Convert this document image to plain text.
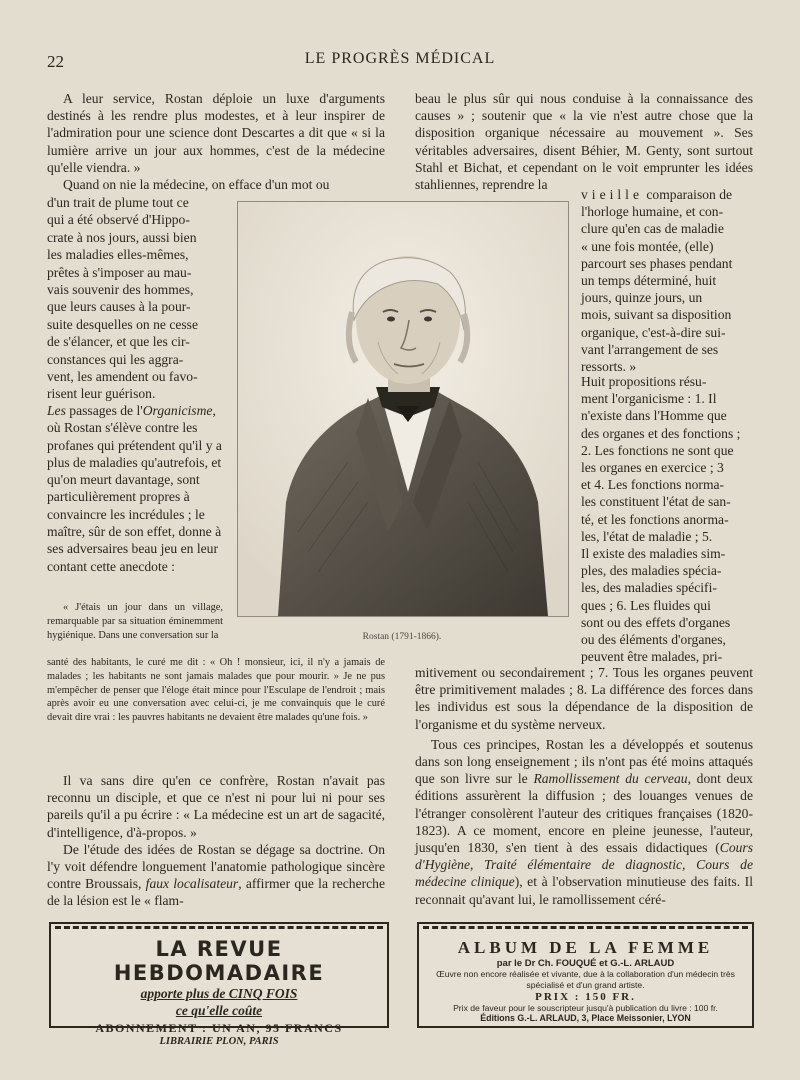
22	LE PROGRÈS MÉDICAL

A leur service, Rostan déploie un luxe d'arguments destinés à les rendre plus modestes, et à leur inspirer de l'admiration pour une science dont Descartes a dit que « si la lumière arrive un jour aux hommes, c'est de la médecine qu'elle viendra. »

Quand on nie la médecine, on efface d'un mot ou

d'un trait de plume tout ce
qui a été observé d'Hippo-
crate à nos jours, aussi bien
les maladies elles-mêmes,
prêtes à s'imposer au mau-
vais souvenir des hommes,
que leurs causes à la pour-
suite desquelles on ne cesse
de s'élancer, et que les cir-
constances qui les aggra-
vent, les amendent ou favo-
risent leur guérison.

Les passages de l'Organicisme, où Rostan s'élève contre les profanes qui prétendent qu'il y a plus de maladies qu'autrefois, et qu'on meurt davantage, sont particulièrement propres à convaincre les incrédules ; le maître, sûr de son effet, donne à ses adversaires beau jeu en leur contant cette anecdote :

« J'étais un jour dans un village, remarquable par sa situation éminemment hygiénique. Dans une conversation sur la

santé des habitants, le curé me dit : « Oh ! monsieur, ici, il n'y a jamais de malades ; les habitants ne sont jamais malades que pour mourir. » Je ne pus m'empêcher de penser que l'éloge était mince pour l'Esculape de l'endroit ; mais après avoir eu une conversation avec celui-ci, je me convainquis que le curé devait dire vrai : les pauvres habitants ne devaient être malades qu'une fois. »

Il va sans dire qu'en ce confrère, Rostan n'avait pas reconnu un disciple, et que ce n'est ni pour lui ni pour ses pareils qu'il a pu écrire : « La médecine est un art de sagacité, d'intelligence, d'à-propos. »

De l'étude des idées de Rostan se dégage sa doctrine. On l'y voit défendre longuement l'anatomie pathologique sincère contre Broussais, faux localisateur, affirmer que la recherche de la lésion est le « flam-

beau le plus sûr qui nous conduise à la connaissance des causes » ; soutenir que « la vie n'est autre chose que la disposition organique nécessaire au mouvement ». Ses véritables adversaires, disent Béhier, M. Genty, sont surtout Stahl et Bichat, et cependant on le voit emprunter les idées stahliennes, reprendre la

vieille comparaison de
l'horloge humaine, et con-
clure qu'en cas de maladie
« une fois montée, (elle)
parcourt ses phases pendant
un temps déterminé, huit
jours, quinze jours, un
mois, suivant sa disposition
organique, c'est-à-dire sui-
vant l'arrangement de ses
ressorts. »

Huit propositions résu-
ment l'organicisme : 1. Il
n'existe dans l'Homme que
des organes et des fonctions ;
2. Les fonctions ne sont que
les organes en exercice ; 3
et 4. Les fonctions norma-
les constituent l'état de san-
té, et les fonctions anorma-
les, l'état de maladie ; 5.
Il existe des maladies sim-
ples, des maladies spécia-
les, des maladies spécifi-
ques ; 6. Les fluides qui
sont ou des effets d'organes
ou des éléments d'organes,
peuvent être malades, pri-

mitivement ou secondairement ; 7. Tous les organes peuvent être primitivement malades ; 8. La différence des forces dans les individus est sous la dépendance de la disposition de l'organisme et du système nerveux.

Tous ces principes, Rostan les a développés et soutenus dans son long enseignement ; ils n'ont pas été moins attaqués que son livre sur le Ramollissement du cerveau, dont deux éditions assurèrent la diffusion ; des louanges venues de l'étranger consolèrent l'auteur des critiques françaises (1820-1823). A ce moment, encore en pleine jeunesse, l'auteur, jusqu'en 1830, s'en tient à des essais didactiques (Cours d'Hygiène, Traité élémentaire de diagnostic, Cours de médecine clinique), et à l'observation minutieuse des faits. Il reconnait qu'avant lui, le ramollissement céré-

Rostan (1791-1866).
LA REVUE HEBDOMADAIRE
apporte plus de CINQ FOIS
ce qu'elle coûte
ABONNEMENT : UN AN, 95 FRANCS
LIBRAIRIE PLON, PARIS
ALBUM DE LA FEMME
par le Dr Ch. FOUQUÉ et G.-L. ARLAUD
Œuvre non encore réalisée et vivante, due à la collaboration d'un médecin très spécialisé et d'un grand artiste.
PRIX : 150 FR.
Prix de faveur pour le souscripteur jusqu'à publication du livre : 100 fr.
Éditions G.-L. ARLAUD, 3, Place Meissonier, LYON
